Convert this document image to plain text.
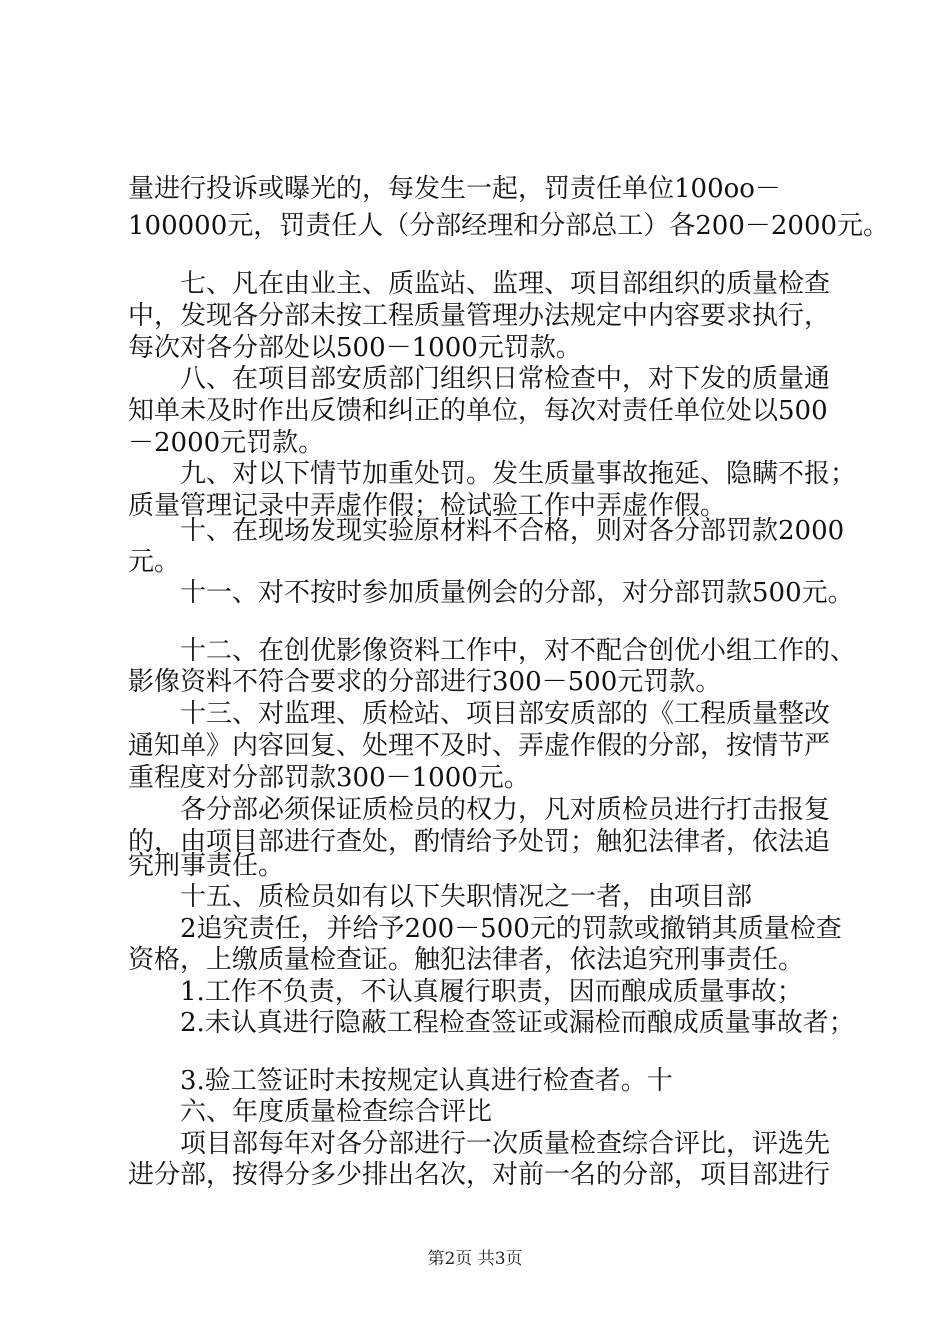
量进行投诉或曝光的，每发生一起，罚责任单位100oo－
100000元，罚责任人（分部经理和分部总工）各200－2000元。
七、凡在由业主、质监站、监理、项目部组织的质量检查
中，发现各分部未按工程质量管理办法规定中内容要求执行，
每次对各分部处以500－1000元罚款。
八、在项目部安质部门组织日常检查中，对下发的质量通
知单未及时作出反馈和纠正的单位，每次对责任单位处以500
－2000元罚款。
九、对以下情节加重处罚。发生质量事故拖延、隐瞒不报；
质量管理记录中弄虚作假；检试验工作中弄虚作假。
十、在现场发现实验原材料不合格，则对各分部罚款2000
元。
十一、对不按时参加质量例会的分部，对分部罚款500元。
十二、在创优影像资料工作中，对不配合创优小组工作的、
影像资料不符合要求的分部进行300－500元罚款。
十三、对监理、质检站、项目部安质部的《工程质量整改
通知单》内容回复、处理不及时、弄虚作假的分部，按情节严
重程度对分部罚款300－1000元。
各分部必须保证质检员的权力，凡对质检员进行打击报复
的，由项目部进行查处，酌情给予处罚；触犯法律者，依法追
究刑事责任。
十五、质检员如有以下失职情况之一者，由项目部
2追究责任，并给予200－500元的罚款或撤销其质量检查
资格，上缴质量检查证。触犯法律者，依法追究刑事责任。
1.工作不负责，不认真履行职责，因而酿成质量事故；
2.未认真进行隐蔽工程检查签证或漏检而酿成质量事故者；
3.验工签证时未按规定认真进行检查者。十
六、年度质量检查综合评比
项目部每年对各分部进行一次质量检查综合评比，评选先
进分部，按得分多少排出名次，对前一名的分部，项目部进行
第2页 共3页
